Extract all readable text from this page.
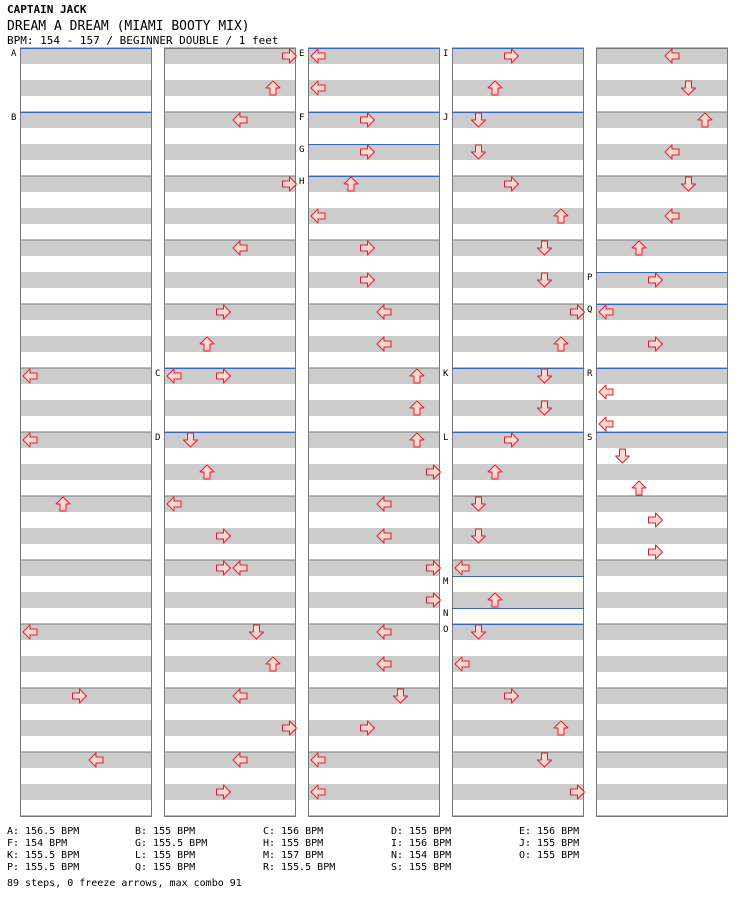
CAPTAIN JACK
DREAM A DREAM (MIAMI BOOTY MIX)
BPM: 154 - 157 / BEGINNER DOUBLE / 1 feet
A
B
C
D
E
F
G
H
I
J
K
L
M
N
O
P
Q
R
S
A: 156.5 BPM
F: 154 BPM
K: 155.5 BPM
P: 155.5 BPM
B: 155 BPM
G: 155.5 BPM
L: 155 BPM
Q: 155 BPM
C: 156 BPM
H: 155 BPM
M: 157 BPM
R: 155.5 BPM
D: 155 BPM
I: 156 BPM
N: 154 BPM
S: 155 BPM
E: 156 BPM
J: 155 BPM
O: 155 BPM
89 steps, 0 freeze arrows, max combo 91
